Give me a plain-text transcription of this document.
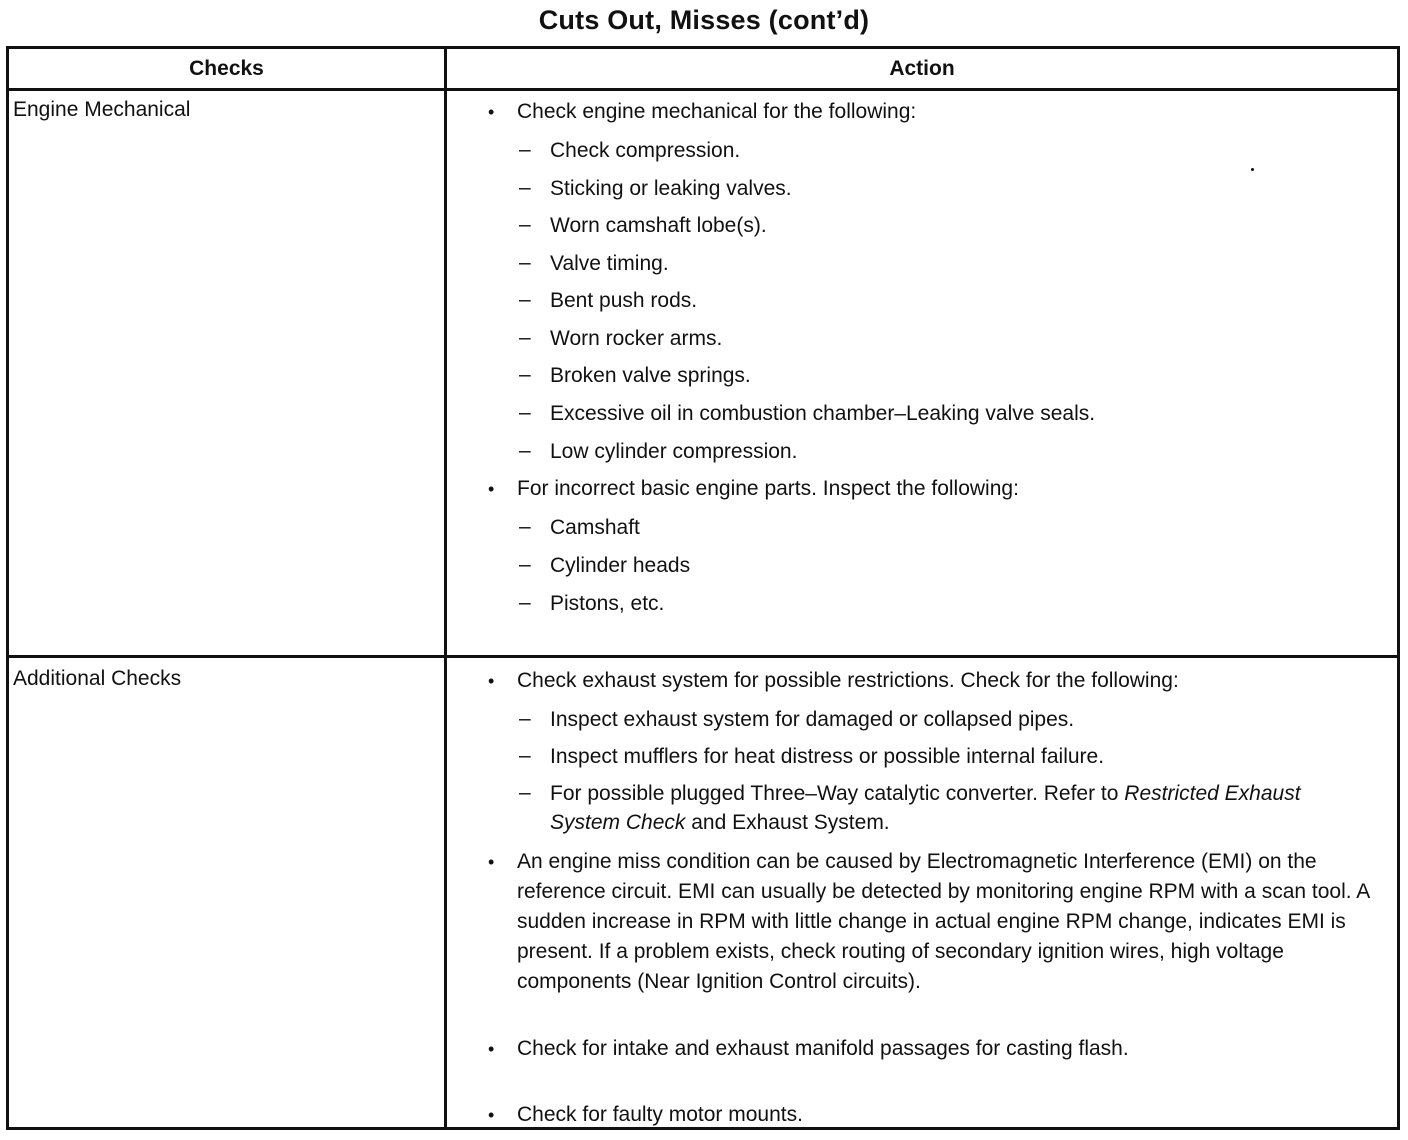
Cuts Out, Misses (cont’d)
Checks	Action
Engine Mechanical	• Check engine mechanical for the following:
– Check compression.
– Sticking or leaking valves.
– Worn camshaft lobe(s).
– Valve timing.
– Bent push rods.
– Worn rocker arms.
– Broken valve springs.
– Excessive oil in combustion chamber–Leaking valve seals.
– Low cylinder compression.
• For incorrect basic engine parts. Inspect the following:
– Camshaft
– Cylinder heads
– Pistons, etc.
Additional Checks	• Check exhaust system for possible restrictions. Check for the following:
– Inspect exhaust system for damaged or collapsed pipes.
– Inspect mufflers for heat distress or possible internal failure.
– For possible plugged Three–Way catalytic converter. Refer to Restricted Exhaust System Check and Exhaust System.
• An engine miss condition can be caused by Electromagnetic Interference (EMI) on the reference circuit. EMI can usually be detected by monitoring engine RPM with a scan tool. A sudden increase in RPM with little change in actual engine RPM change, indicates EMI is present. If a problem exists, check routing of secondary ignition wires, high voltage components (Near Ignition Control circuits).
• Check for intake and exhaust manifold passages for casting flash.
• Check for faulty motor mounts.
